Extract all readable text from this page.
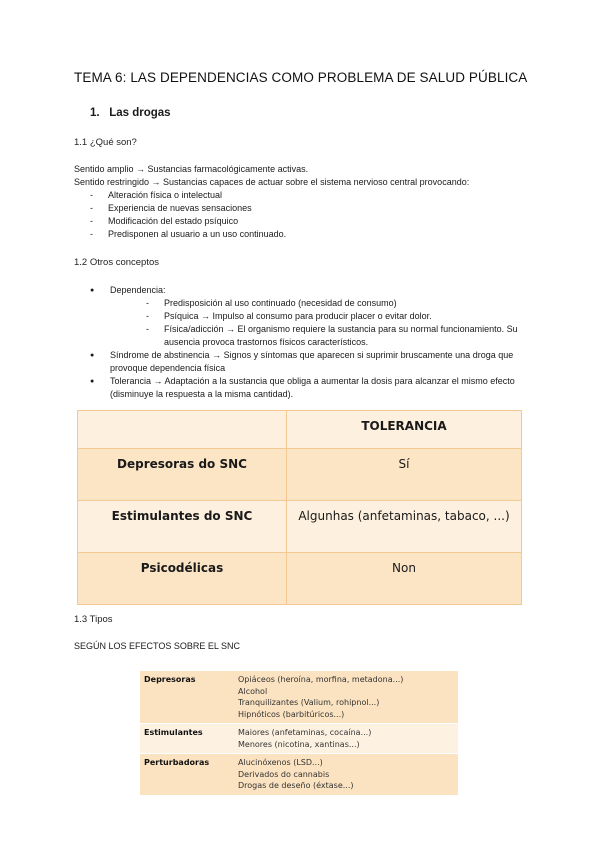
TEMA 6: LAS DEPENDENCIAS COMO PROBLEMA DE SALUD PÚBLICA
1. Las drogas
1.1 ¿Qué son?
Sentido amplio → Sustancias farmacológicamente activas.
Sentido restringido → Sustancias capaces de actuar sobre el sistema nervioso central provocando:
- Alteración física o intelectual
- Experiencia de nuevas sensaciones
- Modificación del estado psíquico
- Predisponen al usuario a un uso continuado.
1.2 Otros conceptos
● Dependencia:
- Predisposición al uso continuado (necesidad de consumo)
- Psíquica → Impulso al consumo para producir placer o evitar dolor.
- Física/adicción → El organismo requiere la sustancia para su normal funcionamiento. Su ausencia provoca trastornos físicos característicos.
● Síndrome de abstinencia → Signos y síntomas que aparecen si suprimir bruscamente una droga que provoque dependencia física
● Tolerancia → Adaptación a la sustancia que obliga a aumentar la dosis para alcanzar el mismo efecto (disminuye la respuesta a la misma cantidad).
	TOLERANCIA
Depresoras do SNC	Sí
Estimulantes do SNC	Algunhas (anfetaminas, tabaco, ...)
Psicodélicas	Non
1.3 Tipos
SEGÚN LOS EFECTOS SOBRE EL SNC
Depresoras	Opiáceos (heroína, morfina, metadona...)
Alcohol
Tranquilizantes (Valium, rohipnol...)
Hipnóticos (barbitúricos...)

Estimulantes	Maiores (anfetaminas, cocaína...)
Menores (nicotina, xantinas...)

Perturbadoras	Alucinóxenos (LSD...)
Derivados do cannabis
Drogas de deseño (éxtase...)
